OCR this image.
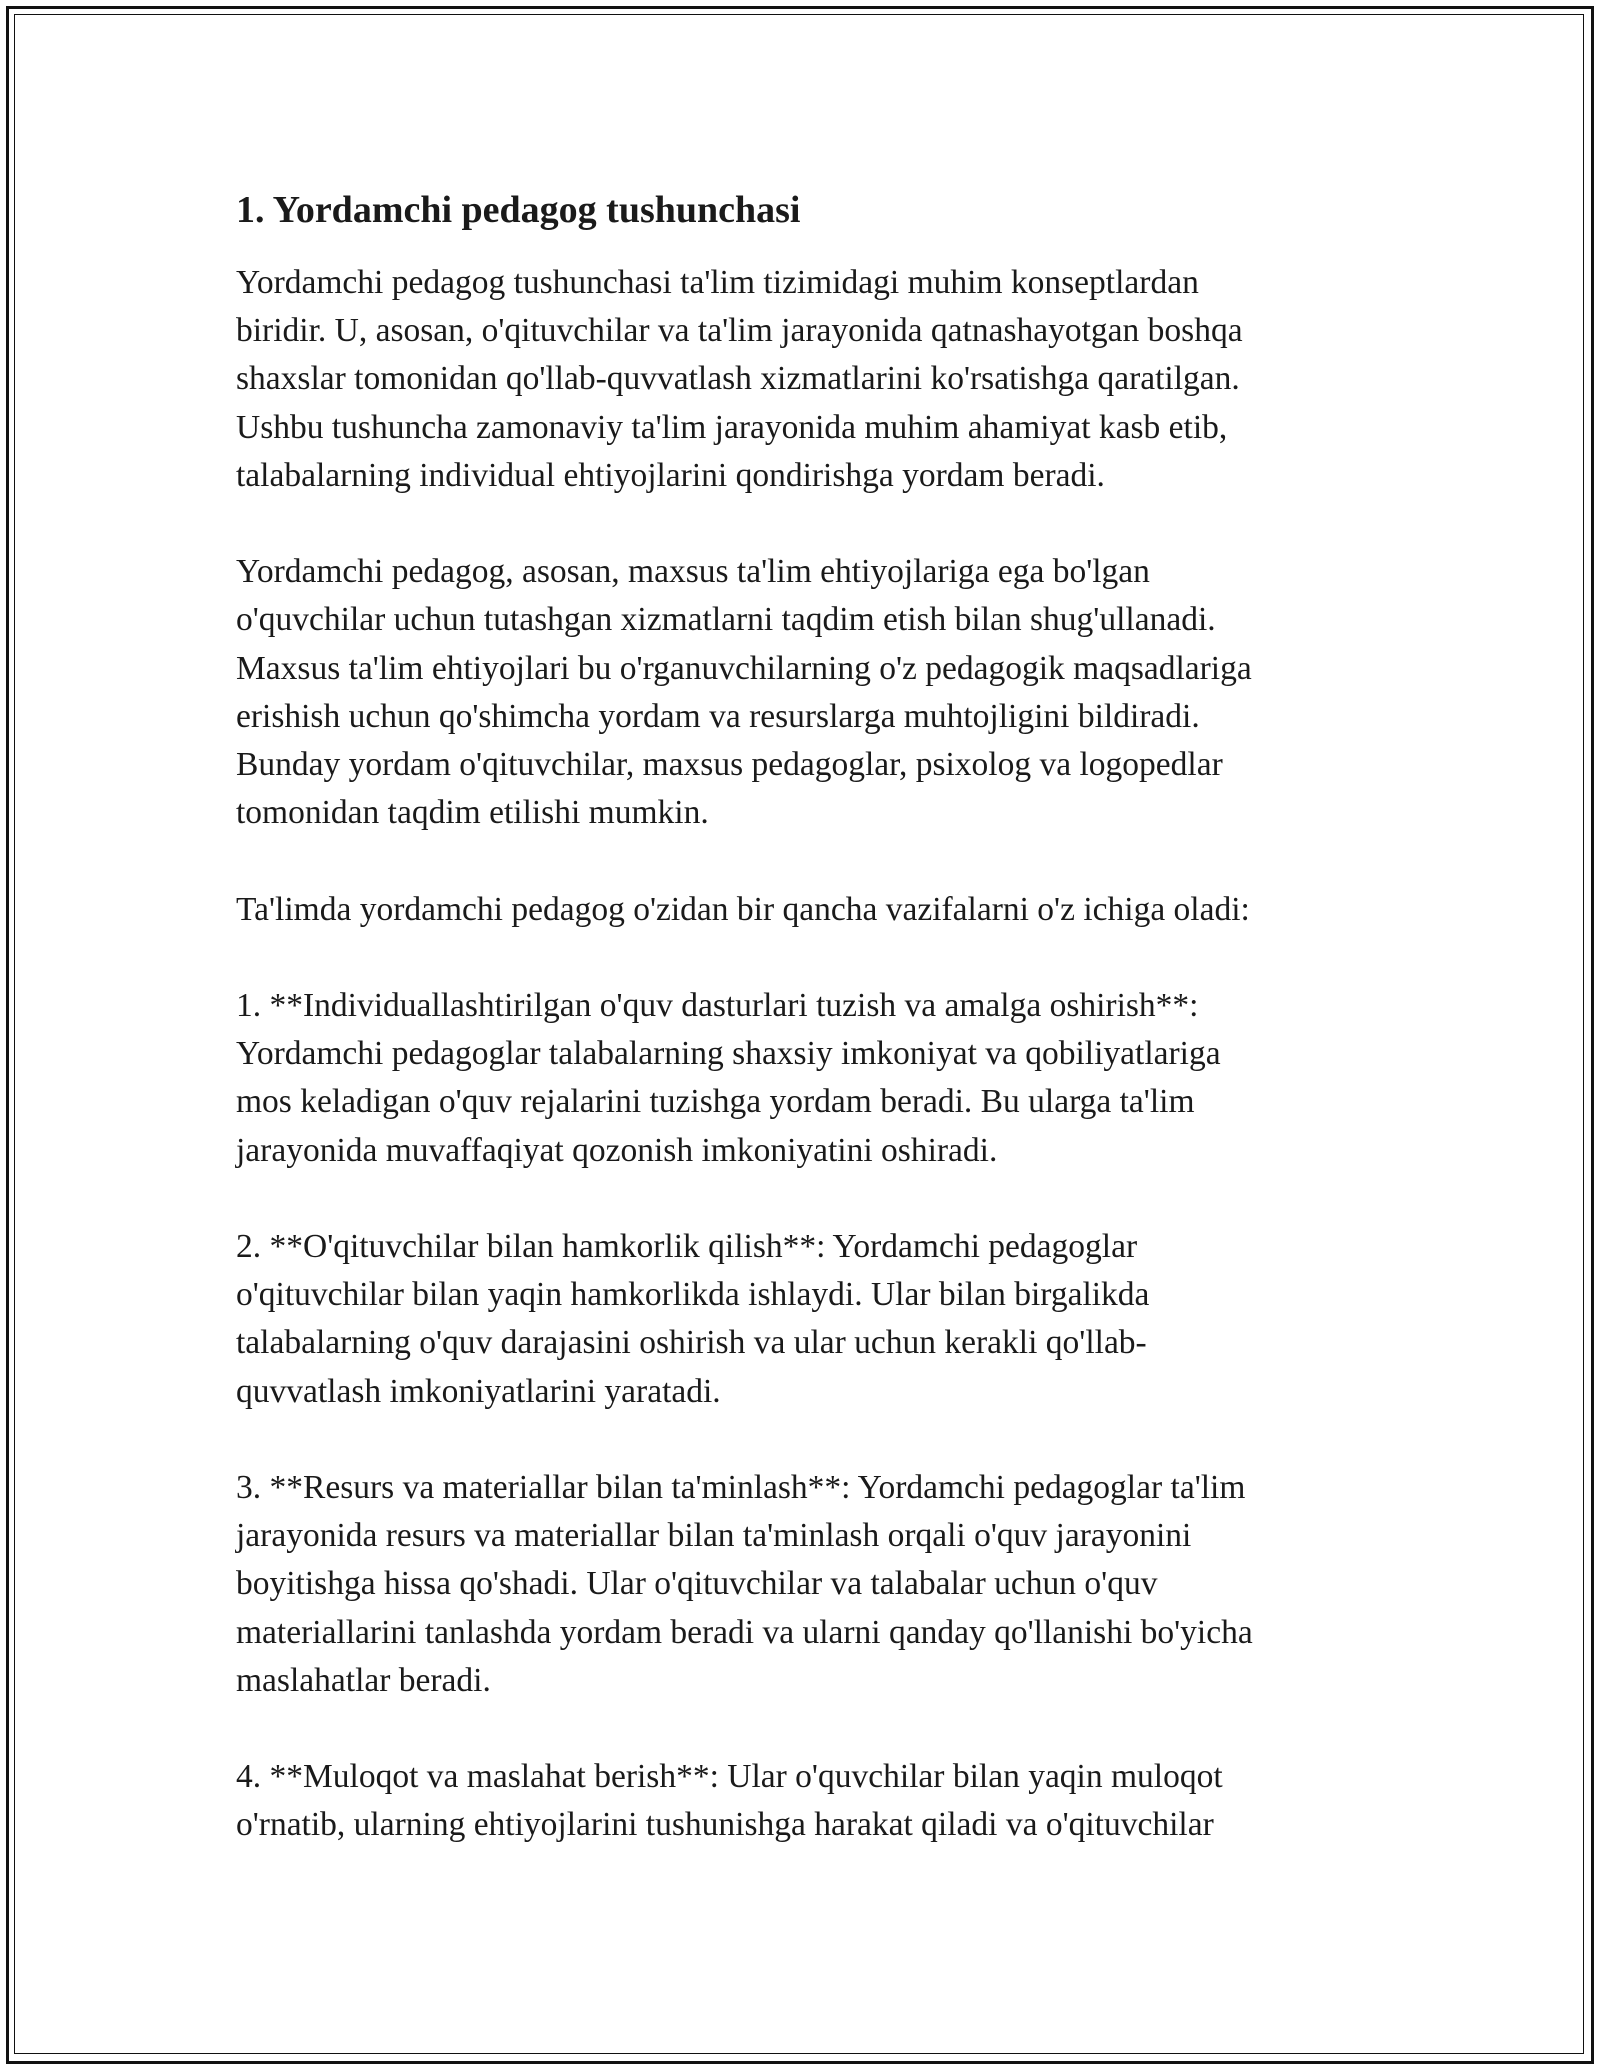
1. Yordamchi pedagog tushunchasi

Yordamchi pedagog tushunchasi ta'lim tizimidagi muhim konseptlardan
biridir. U, asosan, o'qituvchilar va ta'lim jarayonida qatnashayotgan boshqa
shaxslar tomonidan qo'llab-quvvatlash xizmatlarini ko'rsatishga qaratilgan.
Ushbu tushuncha zamonaviy ta'lim jarayonida muhim ahamiyat kasb etib,
talabalarning individual ehtiyojlarini qondirishga yordam beradi.

Yordamchi pedagog, asosan, maxsus ta'lim ehtiyojlariga ega bo'lgan
o'quvchilar uchun tutashgan xizmatlarni taqdim etish bilan shug'ullanadi.
Maxsus ta'lim ehtiyojlari bu o'rganuvchilarning o'z pedagogik maqsadlariga
erishish uchun qo'shimcha yordam va resurslarga muhtojligini bildiradi.
Bunday yordam o'qituvchilar, maxsus pedagoglar, psixolog va logopedlar
tomonidan taqdim etilishi mumkin.

Ta'limda yordamchi pedagog o'zidan bir qancha vazifalarni o'z ichiga oladi:

1. **Individuallashtirilgan o'quv dasturlari tuzish va amalga oshirish**:
Yordamchi pedagoglar talabalarning shaxsiy imkoniyat va qobiliyatlariga
mos keladigan o'quv rejalarini tuzishga yordam beradi. Bu ularga ta'lim
jarayonida muvaffaqiyat qozonish imkoniyatini oshiradi.

2. **O'qituvchilar bilan hamkorlik qilish**: Yordamchi pedagoglar
o'qituvchilar bilan yaqin hamkorlikda ishlaydi. Ular bilan birgalikda
talabalarning o'quv darajasini oshirish va ular uchun kerakli qo'llab-
quvvatlash imkoniyatlarini yaratadi.

3. **Resurs va materiallar bilan ta'minlash**: Yordamchi pedagoglar ta'lim
jarayonida resurs va materiallar bilan ta'minlash orqali o'quv jarayonini
boyitishga hissa qo'shadi. Ular o'qituvchilar va talabalar uchun o'quv
materiallarini tanlashda yordam beradi va ularni qanday qo'llanishi bo'yicha
maslahatlar beradi.

4. **Muloqot va maslahat berish**: Ular o'quvchilar bilan yaqin muloqot
o'rnatib, ularning ehtiyojlarini tushunishga harakat qiladi va o'qituvchilar
